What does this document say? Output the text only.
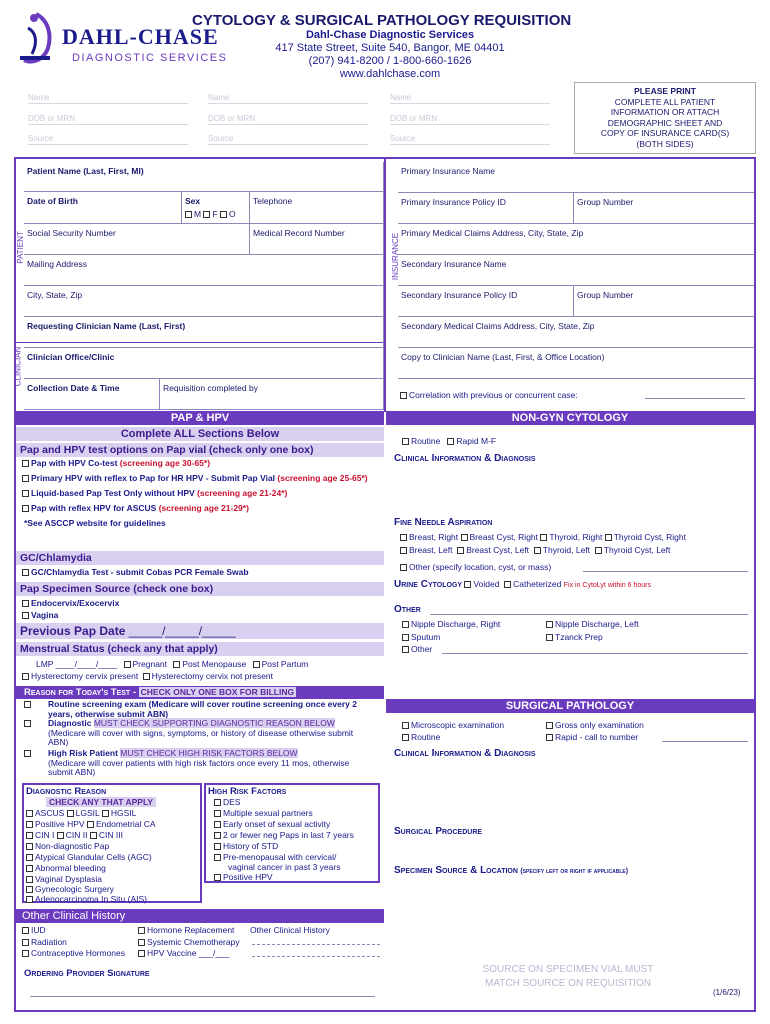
DAHL-CHASE
DIAGNOSTIC SERVICES
CYTOLOGY & SURGICAL PATHOLOGY REQUISITION
Dahl-Chase Diagnostic Services
417 State Street, Suite 540, Bangor, ME 04401
(207) 941-8200 / 1-800-660-1626
www.dahlchase.com
Name
DOB or MRN
Source
Name
DOB or MRN
Source
Name
DOB or MRN
Source
PLEASE PRINT
COMPLETE ALL PATIENT
INFORMATION OR ATTACH
DEMOGRAPHIC SHEET AND
COPY OF INSURANCE CARD(S)
(BOTH SIDES)
PATIENT
CLINICIAN
INSURANCE
Patient Name (Last, First, MI)
Date of Birth	Sex
M F O
Telephone
Social Security Number	Medical Record Number
Mailing Address
City, State, Zip
Requesting Clinician Name (Last, First)
Clinician Office/Clinic
Collection Date & Time	Requisition completed by
Primary Insurance Name
Primary Insurance Policy ID	Group Number
Primary Medical Claims Address, City, State, Zip
Secondary Insurance Name
Secondary Insurance Policy ID	Group Number
Secondary Medical Claims Address, City, State, Zip
Copy to Clinician Name (Last, First, & Office Location)
Correlation with previous or concurrent case:
PAP & HPV
Complete ALL Sections Below
Pap and HPV test options on Pap vial (check only one box)
Pap with HPV Co-test (screening age 30-65*)
Primary HPV with reflex to Pap for HR HPV - Submit Pap Vial (screening age 25-65*)
Liquid-based Pap Test Only without HPV (screening age 21-24*)
Pap with reflex HPV for ASCUS (screening age 21-29*)
*See ASCCP website for guidelines
GC/Chlamydia
GC/Chlamydia Test - submit Cobas PCR Female Swab
Pap Specimen Source (check one box)
Endocervix/Exocervix
Vagina
Previous Pap Date _____/_____/_____
Menstrual Status (check any that apply)
LMP ____/____/____ Pregnant Post Menopause Post Partum
Hysterectomy cervix present Hysterectomy cervix not present
Reason for Today's Test - CHECK ONLY ONE BOX FOR BILLING
Routine screening exam (Medicare will cover routine screening once every 2 years, otherwise submit ABN)
Diagnostic MUST CHECK SUPPORTING DIAGNOSTIC REASON BELOW
(Medicare will cover with signs, symptoms, or history of disease otherwise submit ABN)
High Risk Patient MUST CHECK HIGH RISK FACTORS BELOW
(Medicare will cover patients with high risk factors once every 11 mos, otherwise submit ABN)
Diagnostic Reason
CHECK ANY THAT APPLY
ASCUS LGSIL HGSIL
Positive HPV Endometrial CA
CIN I CIN II CIN III
Non-diagnostic Pap
Atypical Glandular Cells (AGC)
Abnormal bleeding
Vaginal Dysplasia
Gynecologic Surgery
Adenocarcinoma In Situ (AIS)
High Risk Factors
DES
Multiple sexual partners
Early onset of sexual activity
2 or fewer neg Paps in last 7 years
History of STD
Pre-menopausal with cervical/
vaginal cancer in past 3 years
Positive HPV
Other Clinical History
IUD	Hormone Replacement Other Clinical History
Radiation	Systemic Chemotherapy
Contraceptive Hormones	HPV Vaccine ___/___
Ordering Provider Signature
NON-GYN CYTOLOGY
Routine Rapid M-F
Clinical Information & Diagnosis
Fine Needle Aspiration
Breast, Right Breast Cyst, Right Thyroid, Right Thyroid Cyst, Right
Breast, Left Breast Cyst, Left Thyroid, Left Thyroid Cyst, Left
Other (specify location, cyst, or mass)
Urine Cytology Voided Catheterized Fix in CytoLyt within 6 hours
Other
Nipple Discharge, Right	Nipple Discharge, Left
Sputum	Tzanck Prep
Other
SURGICAL PATHOLOGY
Microscopic examination	Gross only examination
Routine	Rapid - call to number
Clinical Information & Diagnosis
Surgical Procedure
Specimen Source & Location (specify left or right if applicable)
SOURCE ON SPECIMEN VIAL MUST
MATCH SOURCE ON REQUISITION
(1/6/23)
